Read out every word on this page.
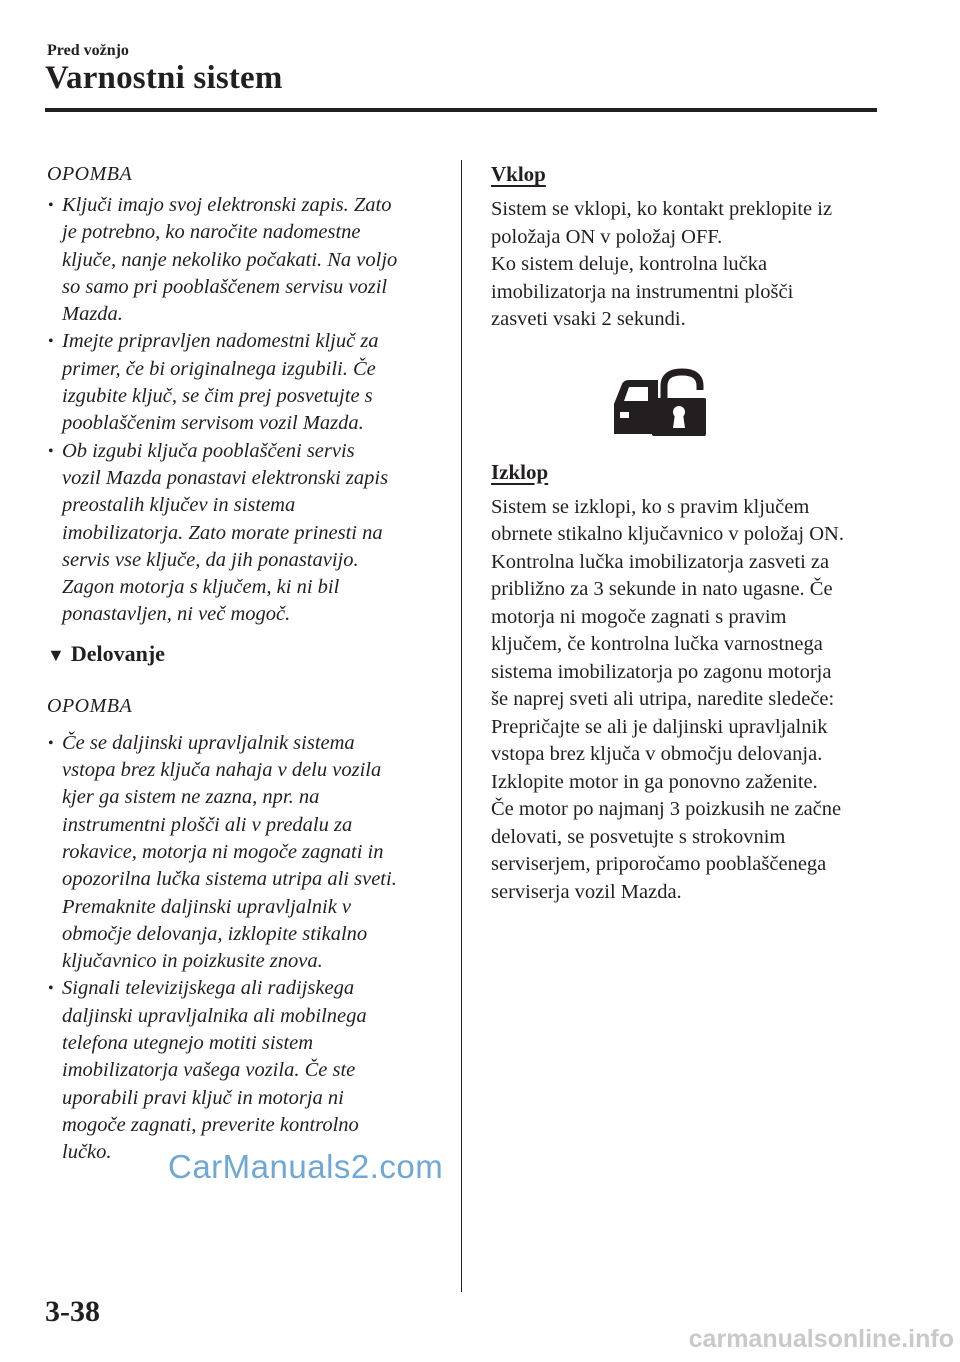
Pred vožnjo
Varnostni sistem
OPOMBA
• Ključi imajo svoj elektronski zapis. Zato
je potrebno, ko naročite nadomestne
ključe, nanje nekoliko počakati. Na voljo
so samo pri pooblaščenem servisu vozil
Mazda.
• Imejte pripravljen nadomestni ključ za
primer, če bi originalnega izgubili. Če
izgubite ključ, se čim prej posvetujte s
pooblaščenim servisom vozil Mazda.
• Ob izgubi ključa pooblaščeni servis
vozil Mazda ponastavi elektronski zapis
preostalih ključev in sistema
imobilizatorja. Zato morate prinesti na
servis vse ključe, da jih ponastavijo.
Zagon motorja s ključem, ki ni bil
ponastavljen, ni več mogoč.
▼ Delovanje
OPOMBA
• Če se daljinski upravljalnik sistema
vstopa brez ključa nahaja v delu vozila
kjer ga sistem ne zazna, npr. na
instrumentni plošči ali v predalu za
rokavice, motorja ni mogoče zagnati in
opozorilna lučka sistema utripa ali sveti.
Premaknite daljinski upravljalnik v
območje delovanja, izklopite stikalno
ključavnico in poizkusite znova.
• Signali televizijskega ali radijskega
daljinski upravljalnika ali mobilnega
telefona utegnejo motiti sistem
imobilizatorja vašega vozila. Če ste
uporabili pravi ključ in motorja ni
mogoče zagnati, preverite kontrolno
lučko.
Vklop
Sistem se vklopi, ko kontakt preklopite iz
položaja ON v položaj OFF.
Ko sistem deluje, kontrolna lučka
imobilizatorja na instrumentni plošči
zasveti vsaki 2 sekundi.
Izklop
Sistem se izklopi, ko s pravim ključem
obrnete stikalno ključavnico v položaj ON.
Kontrolna lučka imobilizatorja zasveti za
približno za 3 sekunde in nato ugasne. Če
motorja ni mogoče zagnati s pravim
ključem, če kontrolna lučka varnostnega
sistema imobilizatorja po zagonu motorja
še naprej sveti ali utripa, naredite sledeče:
Prepričajte se ali je daljinski upravljalnik
vstopa brez ključa v območju delovanja.
Izklopite motor in ga ponovno zaženite.
Če motor po najmanj 3 poizkusih ne začne
delovati, se posvetujte s strokovnim
serviserjem, priporočamo pooblaščenega
serviserja vozil Mazda.
3-38
CarManuals2.com
carmanualsonline.info
